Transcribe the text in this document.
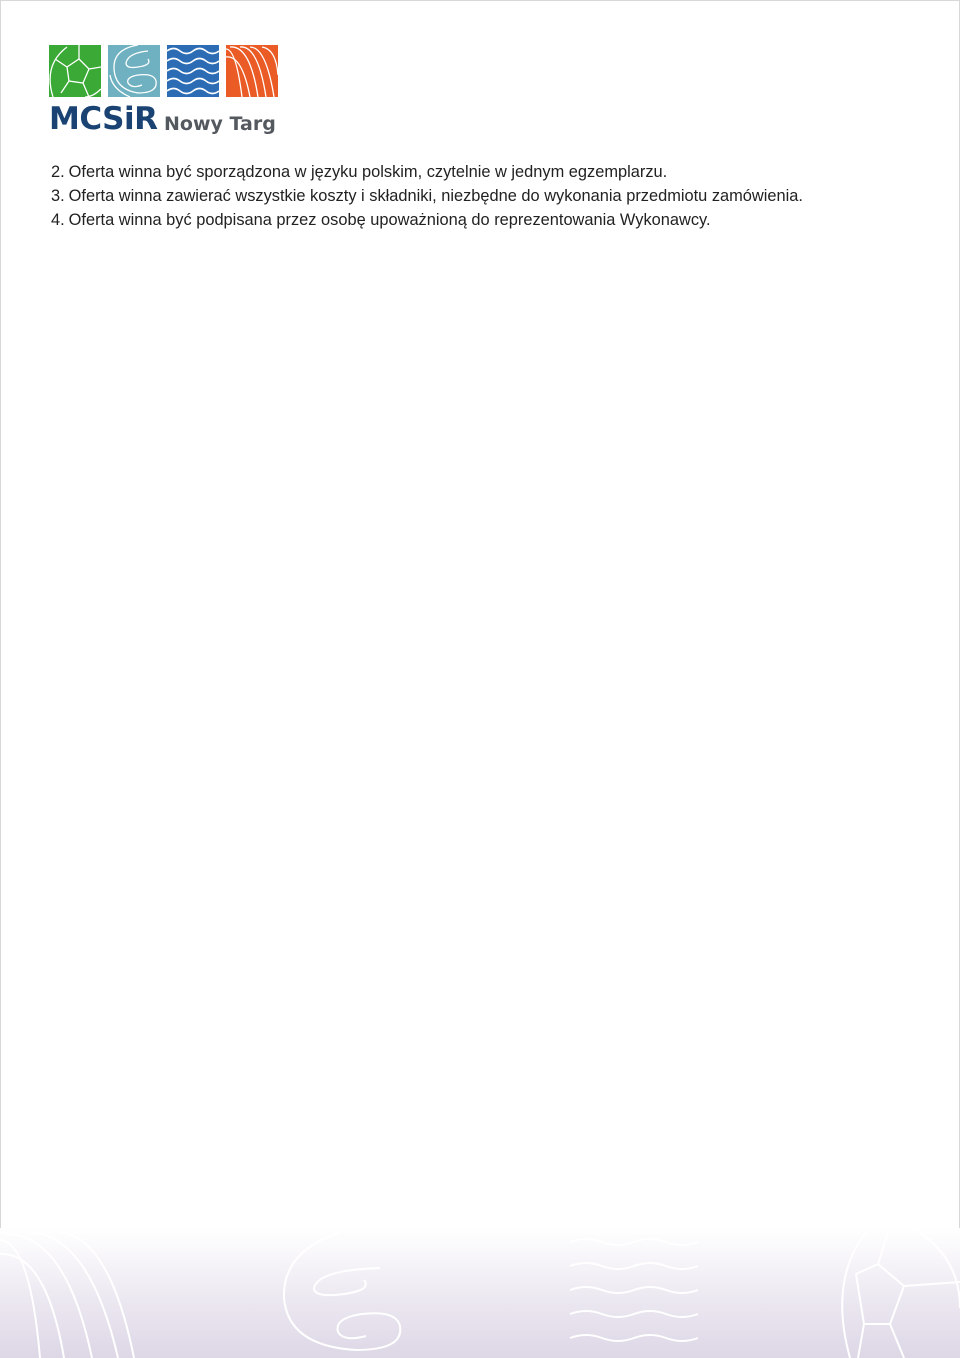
MCSiR Nowy Targ

2. Oferta winna być sporządzona w języku polskim, czytelnie w jednym egzemplarzu.

3. Oferta winna zawierać wszystkie koszty i składniki, niezbędne do wykonania przedmiotu zamówienia.

4. Oferta winna być podpisana przez osobę upoważnioną do reprezentowania Wykonawcy.
